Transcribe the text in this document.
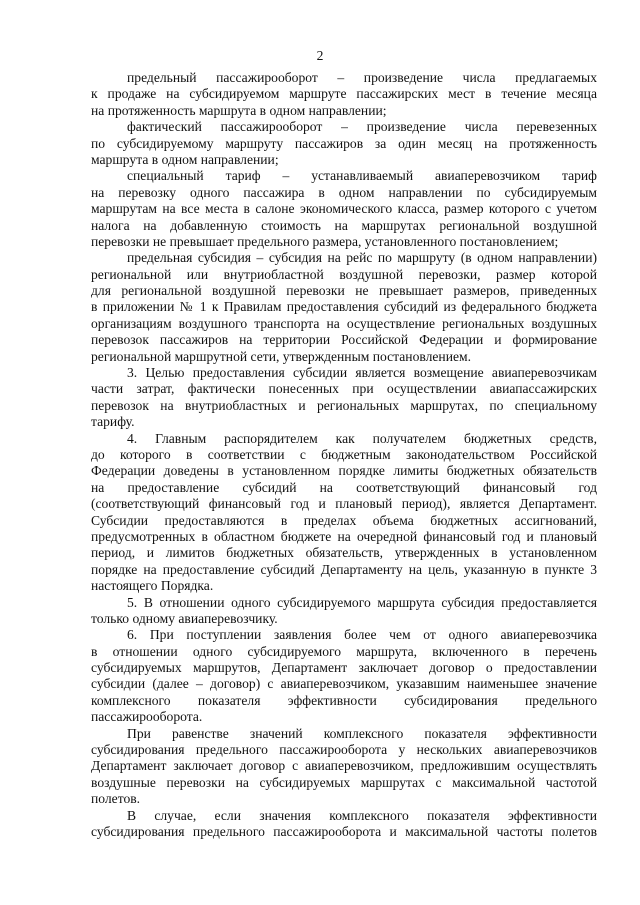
2
предельный пассажирооборот – произведение числа предлагаемых
к продаже на субсидируемом маршруте пассажирских мест в течение месяца
на протяженность маршрута в одном направлении;
фактический пассажирооборот – произведение числа перевезенных
по субсидируемому маршруту пассажиров за один месяц на протяженность
маршрута в одном направлении;
специальный тариф – устанавливаемый авиаперевозчиком тариф
на перевозку одного пассажира в одном направлении по субсидируемым
маршрутам на все места в салоне экономического класса, размер которого с учетом
налога на добавленную стоимость на маршрутах региональной воздушной
перевозки не превышает предельного размера, установленного постановлением;
предельная субсидия – субсидия на рейс по маршруту (в одном направлении)
региональной или внутриобластной воздушной перевозки, размер которой
для региональной воздушной перевозки не превышает размеров, приведенных
в приложении № 1 к Правилам предоставления субсидий из федерального бюджета
организациям воздушного транспорта на осуществление региональных воздушных
перевозок пассажиров на территории Российской Федерации и формирование
региональной маршрутной сети, утвержденным постановлением.
3. Целью предоставления субсидии является возмещение авиаперевозчикам
части затрат, фактически понесенных при осуществлении авиапассажирских
перевозок на внутриобластных и региональных маршрутах, по специальному
тарифу.
4. Главным распорядителем как получателем бюджетных средств,
до которого в соответствии с бюджетным законодательством Российской
Федерации доведены в установленном порядке лимиты бюджетных обязательств
на предоставление субсидий на соответствующий финансовый год
(соответствующий финансовый год и плановый период), является Департамент.
Субсидии предоставляются в пределах объема бюджетных ассигнований,
предусмотренных в областном бюджете на очередной финансовый год и плановый
период, и лимитов бюджетных обязательств, утвержденных в установленном
порядке на предоставление субсидий Департаменту на цель, указанную в пункте 3
настоящего Порядка.
5. В отношении одного субсидируемого маршрута субсидия предоставляется
только одному авиаперевозчику.
6. При поступлении заявления более чем от одного авиаперевозчика
в отношении одного субсидируемого маршрута, включенного в перечень
субсидируемых маршрутов, Департамент заключает договор о предоставлении
субсидии (далее – договор) с авиаперевозчиком, указавшим наименьшее значение
комплексного показателя эффективности субсидирования предельного
пассажирооборота.
При равенстве значений комплексного показателя эффективности
субсидирования предельного пассажирооборота у нескольких авиаперевозчиков
Департамент заключает договор с авиаперевозчиком, предложившим осуществлять
воздушные перевозки на субсидируемых маршрутах с максимальной частотой
полетов.
В случае, если значения комплексного показателя эффективности
субсидирования предельного пассажирооборота и максимальной частоты полетов
